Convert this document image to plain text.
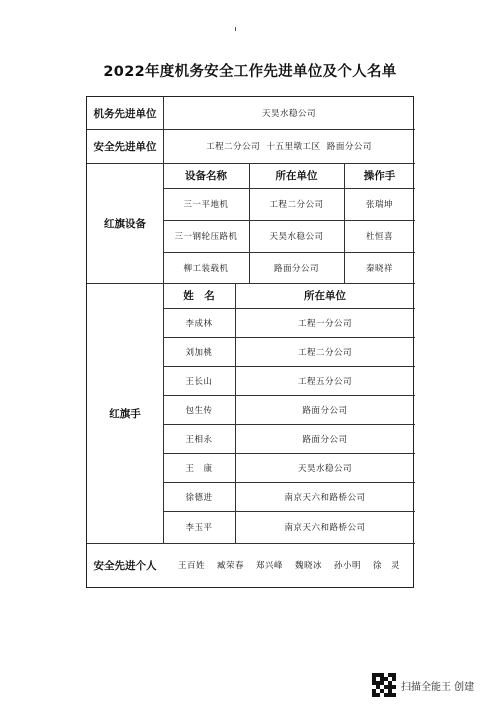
2022年度机务安全工作先进单位及个人名单
机务先进单位	天昊水稳公司
安全先进单位	工程二分公司  十五里墩工区  路面分公司
红旗设备
设备名称	所在单位	操作手
三一平地机	工程二分公司	张瑞坤
三一钢轮压路机	天昊水稳公司	杜恒喜
柳工装载机	路面分公司	秦晓祥
红旗手
姓　名	所在单位
李成林	工程一分公司
刘加桃	工程二分公司
王长山	工程五分公司
包生传	路面分公司
王相永	路面分公司
王　康	天昊水稳公司
徐德进	南京天六和路桥公司
李玉平	南京天六和路桥公司
安全先进个人	王百姓 臧荣春 郑兴峰 魏晓冰 孙小明 徐　灵
扫描全能王 创建
